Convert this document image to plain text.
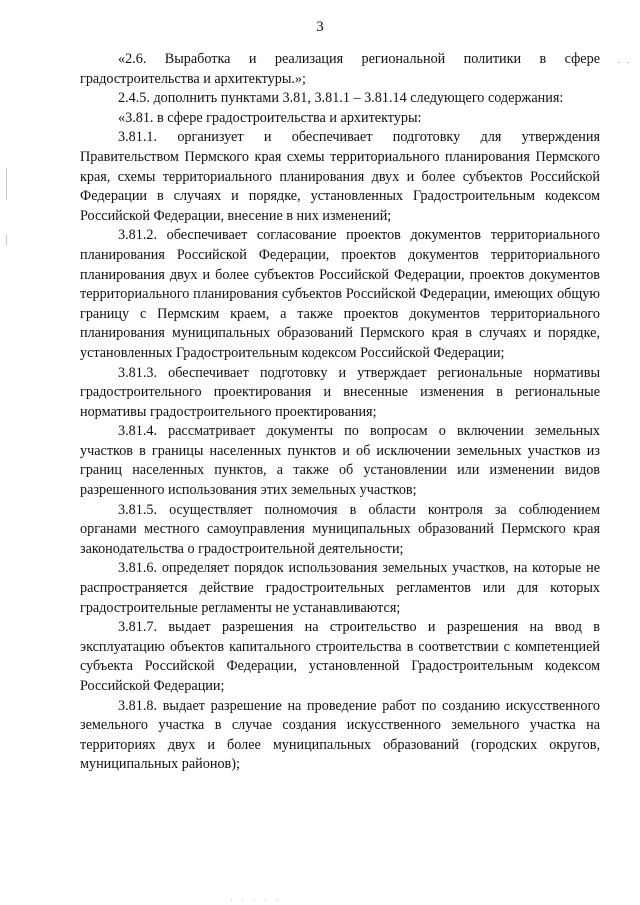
3
· ·

«2.6. Выработка и реализация региональной политики в сфере градостроительства и архитектуры.»;

2.4.5. дополнить пунктами 3.81, 3.81.1 – 3.81.14 следующего содержания:

«3.81. в сфере градостроительства и архитектуры:

3.81.1. организует и обеспечивает подготовку для утверждения Правительством Пермского края схемы территориального планирования Пермского края, схемы территориального планирования двух и более субъектов Российской Федерации в случаях и порядке, установленных Градостроительным кодексом Российской Федерации, внесение в них изменений;

3.81.2. обеспечивает согласование проектов документов территориального планирования Российской Федерации, проектов документов территориального планирования двух и более субъектов Российской Федерации, проектов документов территориального планирования субъектов Российской Федерации, имеющих общую границу с Пермским краем, а также проектов документов территориального планирования муниципальных образований Пермского края в случаях и порядке, установленных Градостроительным кодексом Российской Федерации;

3.81.3. обеспечивает подготовку и утверждает региональные нормативы градостроительного проектирования и внесенные изменения в региональные нормативы градостроительного проектирования;

3.81.4. рассматривает документы по вопросам о включении земельных участков в границы населенных пунктов и об исключении земельных участков из границ населенных пунктов, а также об установлении или изменении видов разрешенного использования этих земельных участков;

3.81.5. осуществляет полномочия в области контроля за соблюдением органами местного самоуправления муниципальных образований Пермского края законодательства о градостроительной деятельности;

3.81.6. определяет порядок использования земельных участков, на которые не распространяется действие градостроительных регламентов или для которых градостроительные регламенты не устанавливаются;

3.81.7. выдает разрешения на строительство и разрешения на ввод в эксплуатацию объектов капитального строительства в соответствии с компетенцией субъекта Российской Федерации, установленной Градостроительным кодексом Российской Федерации;

3.81.8. выдает разрешение на проведение работ по созданию искусственного земельного участка в случае создания искусственного земельного участка на территориях двух и более муниципальных образований (городских округов, муниципальных районов);

· · · · ·
